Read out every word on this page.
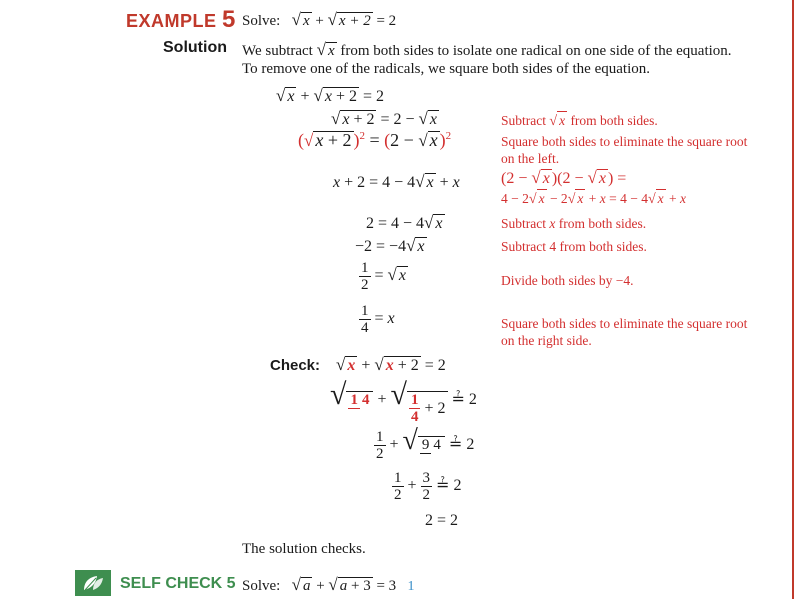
EXAMPLE 5 Solve: √ x + √ x + 2 = 2
Solution We subtract √ x from both sides to isolate one radical on one side of the equation.
To remove one of the radicals, we square both sides of the equation.
√ x + √ x + 2 = 2
√ x + 2 = 2 − √ x	Subtract √ x from both sides.
(√ x + 2 )$^2$ = (2 − √ x )$^2$	Square both sides to eliminate the square root
on the left.
x + 2 = 4 − 4√ x + x	(2 − √ x )(2 − √ x ) =
4 − 2√ x − 2√ x + x = 4 − 4√ x + x
2 = 4 − 4√ x	Subtract x from both sides.
−2 = −4√ x	Subtract 4 from both sides.
$\frac{1}{2}$ = √ x	Divide both sides by −4.
$\frac{1}{4} = x$	Square both sides to eliminate the square root
on the right side.
Check: √ x + √ x + 2 = 2
√ 1 4 + √ $\frac{1}{4} + 2$ ≟ 2
$\frac{1}{2}$ + √ 9 4 ≟ 2
$\frac{1}{2} + \frac{3}{2}$ ≟ 2
2 = 2
The solution checks.
SELF CHECK 5 Solve: √ a + √ a + 3 = 3   1
